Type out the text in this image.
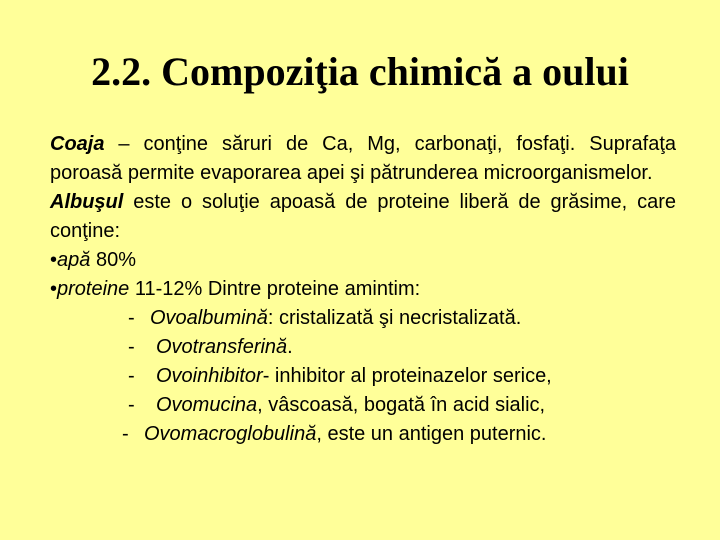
2.2. Compoziţia chimică a oului
Coaja – conţine săruri de Ca, Mg, carbonaţi, fosfaţi. Suprafaţa poroasă permite evaporarea apei şi pătrunderea microorganismelor.
Albuşul este o soluţie apoasă de proteine liberă de grăsime, care conţine:
•apă 80%
•proteine 11-12% Dintre proteine amintim:
- Ovoalbumină: cristalizată şi necristalizată.
- Ovotransferină.
- Ovoinhibitor- inhibitor al proteinazelor serice,
- Ovomucina, vâscoasă, bogată în acid sialic,
- Ovomacroglobulină, este un antigen puternic.
